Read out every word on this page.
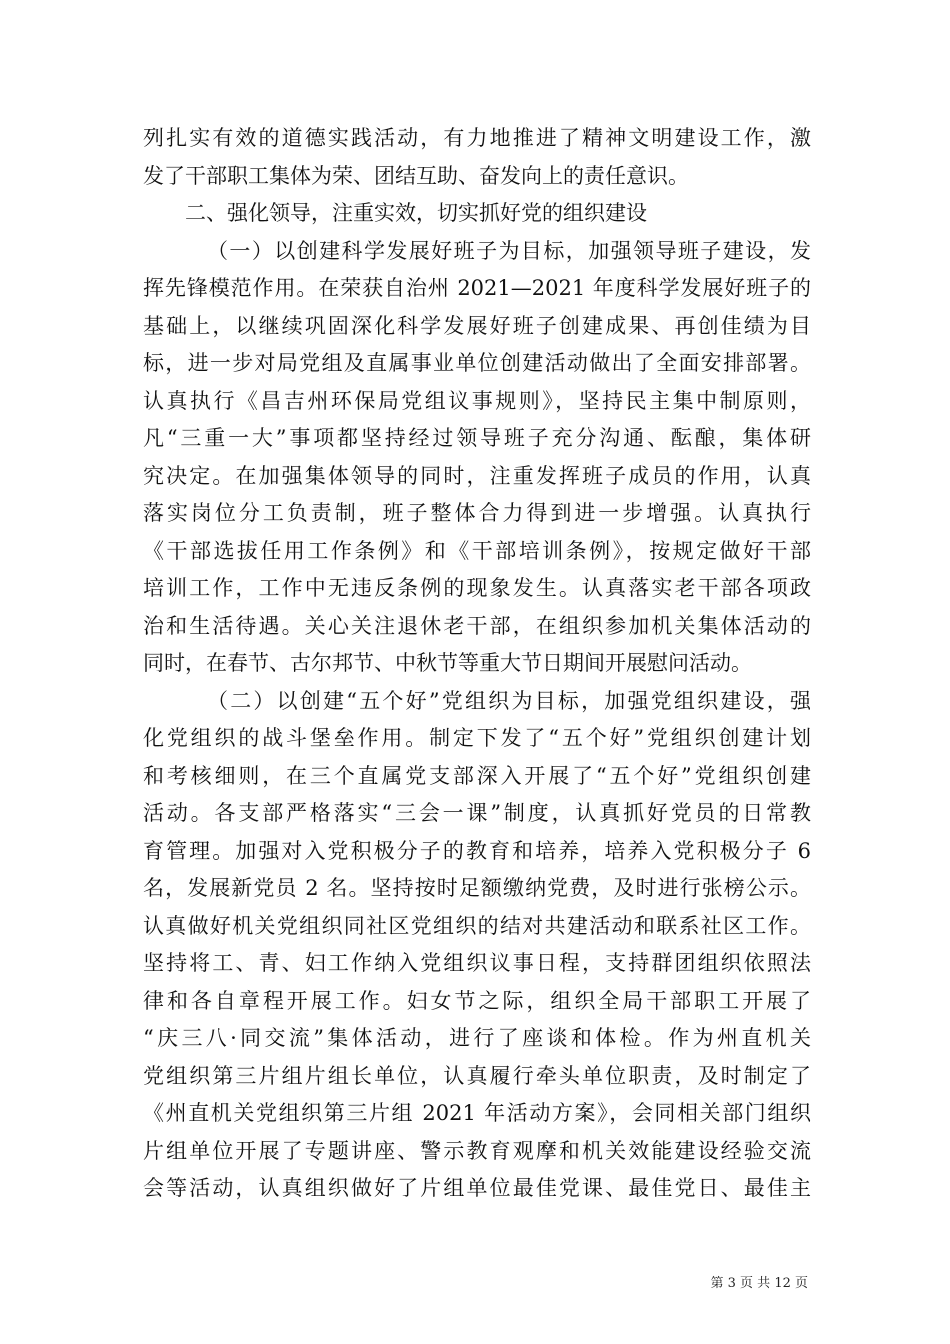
列扎实有效的道德实践活动，有力地推进了精神文明建设工作，激
发了干部职工集体为荣、团结互助、奋发向上的责任意识。
二、强化领导，注重实效，切实抓好党的组织建设
（一）以创建科学发展好班子为目标，加强领导班子建设，发
挥先锋模范作用。在荣获自治州 2021—2021 年度科学发展好班子的
基础上，以继续巩固深化科学发展好班子创建成果、再创佳绩为目
标，进一步对局党组及直属事业单位创建活动做出了全面安排部署。
认真执行《昌吉州环保局党组议事规则》，坚持民主集中制原则，
凡“三重一大”事项都坚持经过领导班子充分沟通、酝酿，集体研
究决定。在加强集体领导的同时，注重发挥班子成员的作用，认真
落实岗位分工负责制，班子整体合力得到进一步增强。认真执行
《干部选拔任用工作条例》和《干部培训条例》，按规定做好干部
培训工作，工作中无违反条例的现象发生。认真落实老干部各项政
治和生活待遇。关心关注退休老干部，在组织参加机关集体活动的
同时，在春节、古尔邦节、中秋节等重大节日期间开展慰问活动。
（二）以创建“五个好”党组织为目标，加强党组织建设，强
化党组织的战斗堡垒作用。制定下发了“五个好”党组织创建计划
和考核细则，在三个直属党支部深入开展了“五个好”党组织创建
活动。各支部严格落实“三会一课”制度，认真抓好党员的日常教
育管理。加强对入党积极分子的教育和培养，培养入党积极分子 6
名，发展新党员 2 名。坚持按时足额缴纳党费，及时进行张榜公示。
认真做好机关党组织同社区党组织的结对共建活动和联系社区工作。
坚持将工、青、妇工作纳入党组织议事日程，支持群团组织依照法
律和各自章程开展工作。妇女节之际，组织全局干部职工开展了
“庆三八·同交流”集体活动，进行了座谈和体检。作为州直机关
党组织第三片组片组长单位，认真履行牵头单位职责，及时制定了
《州直机关党组织第三片组 2021 年活动方案》，会同相关部门组织
片组单位开展了专题讲座、警示教育观摩和机关效能建设经验交流
会等活动，认真组织做好了片组单位最佳党课、最佳党日、最佳主
第 3 页 共 12 页
